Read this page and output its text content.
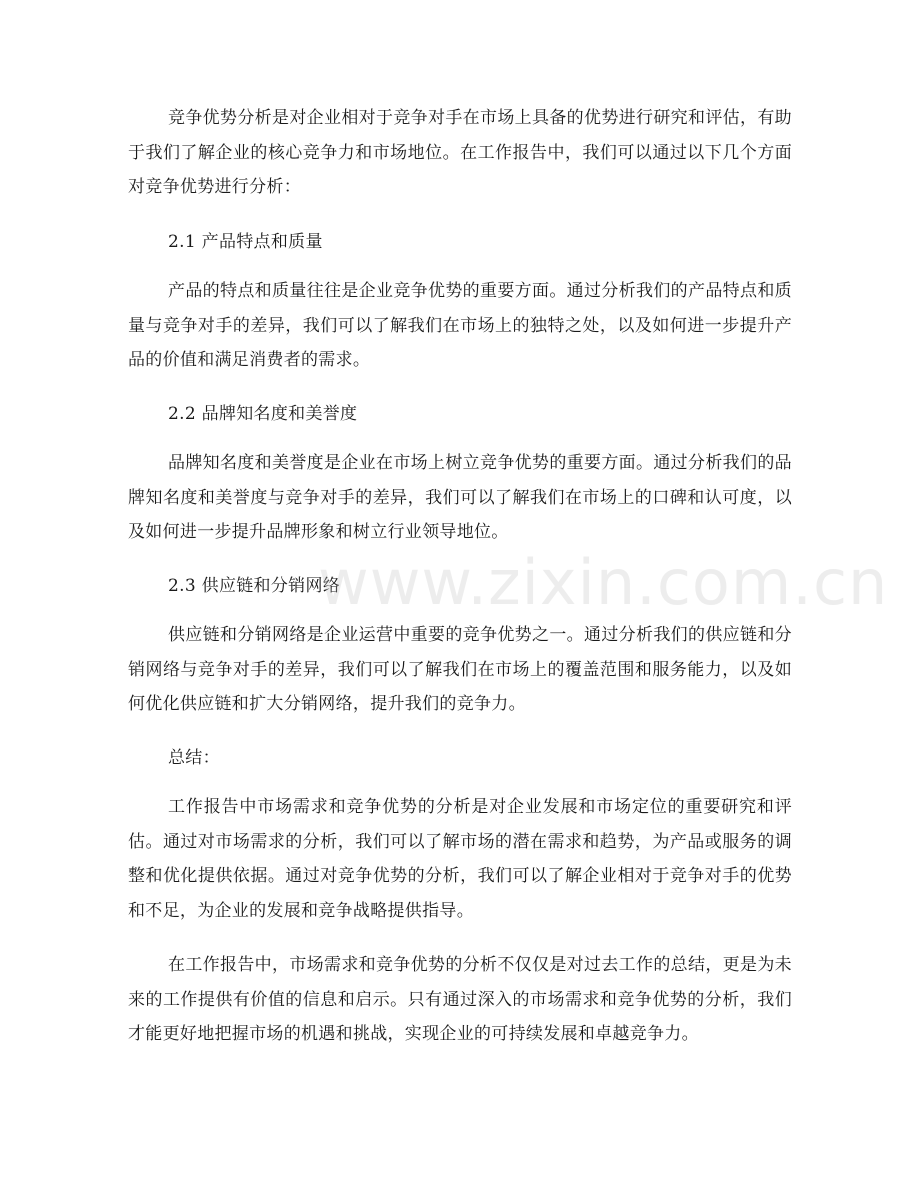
竞争优势分析是对企业相对于竞争对手在市场上具备的优势进行研究和评估，有助于我们了解企业的核心竞争力和市场地位。在工作报告中，我们可以通过以下几个方面对竞争优势进行分析：

2.1 产品特点和质量

产品的特点和质量往往是企业竞争优势的重要方面。通过分析我们的产品特点和质量与竞争对手的差异，我们可以了解我们在市场上的独特之处，以及如何进一步提升产品的价值和满足消费者的需求。

2.2 品牌知名度和美誉度

品牌知名度和美誉度是企业在市场上树立竞争优势的重要方面。通过分析我们的品牌知名度和美誉度与竞争对手的差异，我们可以了解我们在市场上的口碑和认可度，以及如何进一步提升品牌形象和树立行业领导地位。

2.3 供应链和分销网络

供应链和分销网络是企业运营中重要的竞争优势之一。通过分析我们的供应链和分销网络与竞争对手的差异，我们可以了解我们在市场上的覆盖范围和服务能力，以及如何优化供应链和扩大分销网络，提升我们的竞争力。

总结：

工作报告中市场需求和竞争优势的分析是对企业发展和市场定位的重要研究和评估。通过对市场需求的分析，我们可以了解市场的潜在需求和趋势，为产品或服务的调整和优化提供依据。通过对竞争优势的分析，我们可以了解企业相对于竞争对手的优势和不足，为企业的发展和竞争战略提供指导。

在工作报告中，市场需求和竞争优势的分析不仅仅是对过去工作的总结，更是为未来的工作提供有价值的信息和启示。只有通过深入的市场需求和竞争优势的分析，我们才能更好地把握市场的机遇和挑战，实现企业的可持续发展和卓越竞争力。

www.zixin.com.cn
